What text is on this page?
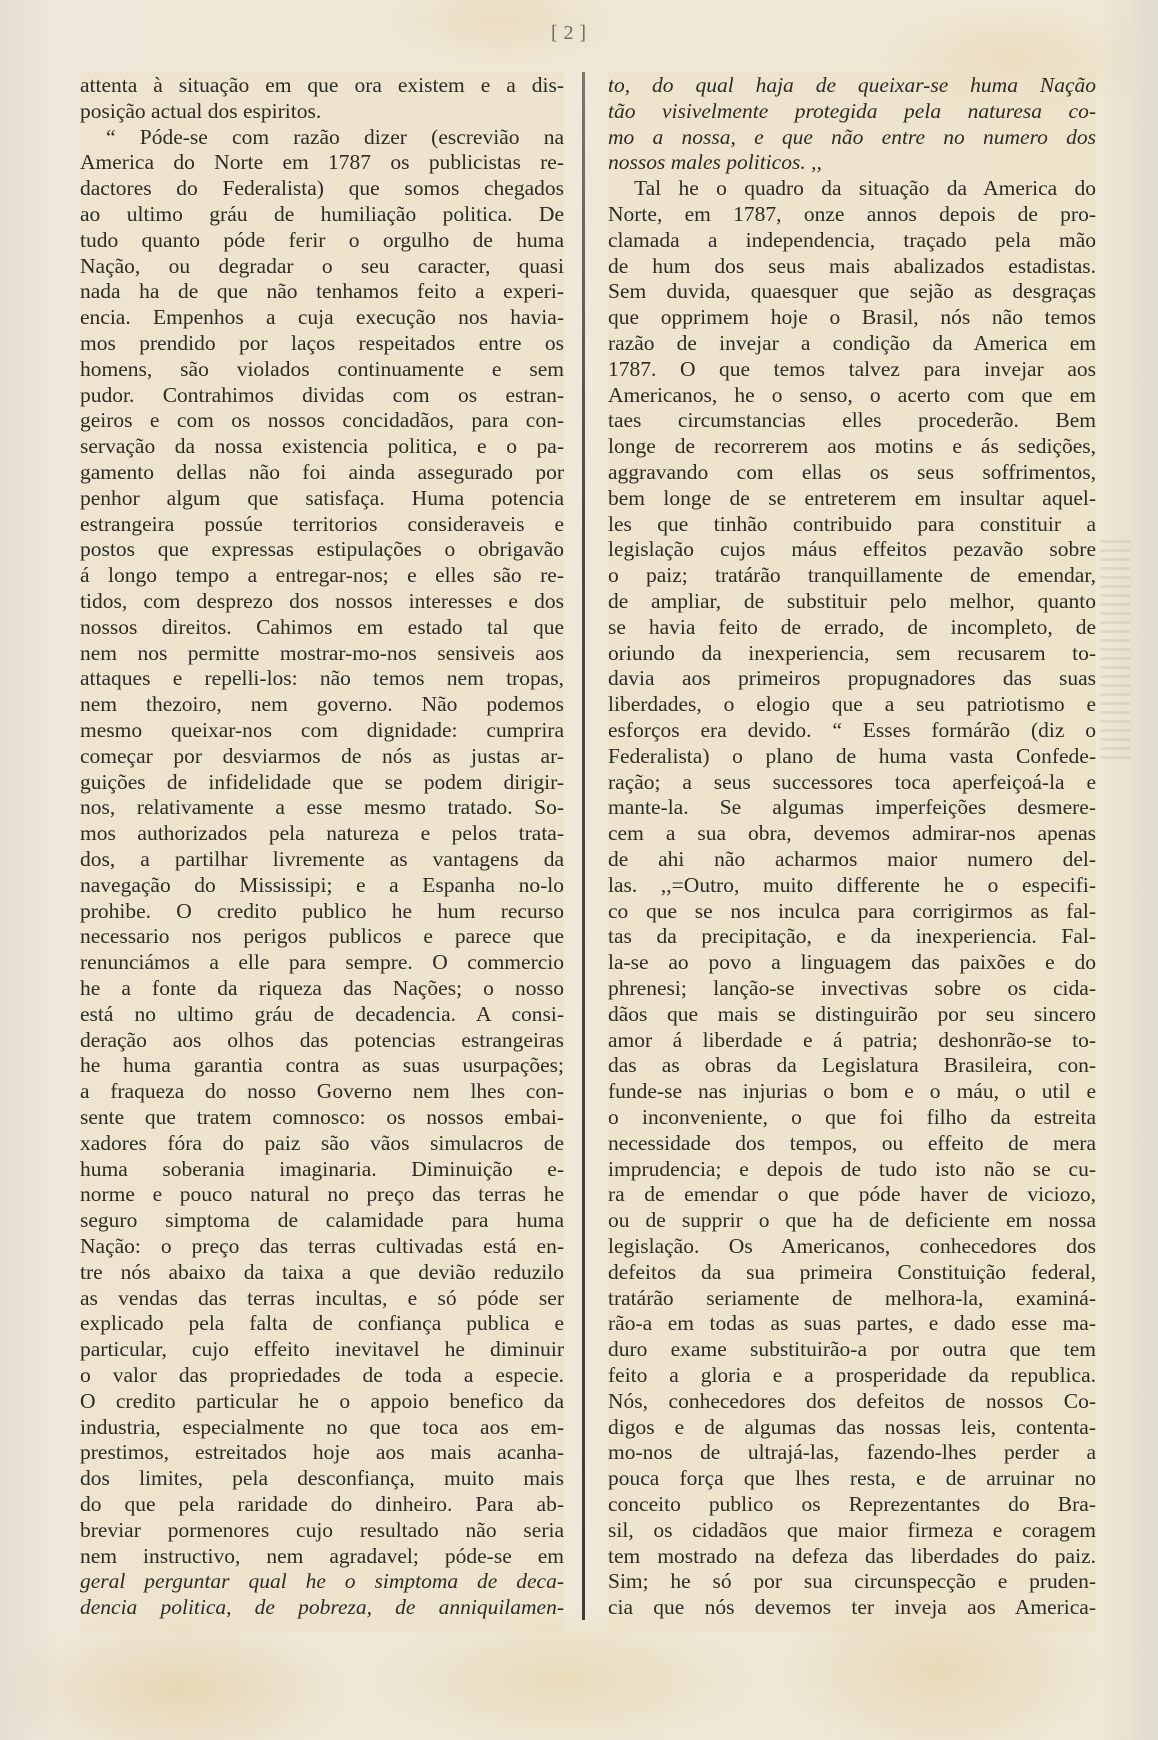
[ 2 ]
attenta à situação em que ora existem e a dis-
posição actual dos espiritos.
“ Póde-se com razão dizer (escrevião na
America do Norte em 1787 os publicistas re-
dactores do Federalista) que somos chegados
ao ultimo gráu de humiliação politica. De
tudo quanto póde ferir o orgulho de huma
Nação, ou degradar o seu caracter, quasi
nada ha de que não tenhamos feito a experi-
encia. Empenhos a cuja execução nos havia-
mos prendido por laços respeitados entre os
homens, são violados continuamente e sem
pudor. Contrahimos dividas com os estran-
geiros e com os nossos concidadãos, para con-
servação da nossa existencia politica, e o pa-
gamento dellas não foi ainda assegurado por
penhor algum que satisfaça. Huma potencia
estrangeira possúe territorios consideraveis e
postos que expressas estipulações o obrigavão
á longo tempo a entregar-nos; e elles são re-
tidos, com desprezo dos nossos interesses e dos
nossos direitos. Cahimos em estado tal que
nem nos permitte mostrar-mo-nos sensiveis aos
attaques e repelli-los: não temos nem tropas,
nem thezoiro, nem governo. Não podemos
mesmo queixar-nos com dignidade: cumprira
começar por desviarmos de nós as justas ar-
guições de infidelidade que se podem dirigir-
nos, relativamente a esse mesmo tratado. So-
mos authorizados pela natureza e pelos trata-
dos, a partilhar livremente as vantagens da
navegação do Mississipi; e a Espanha no-lo
prohibe. O credito publico he hum recurso
necessario nos perigos publicos e parece que
renunciámos a elle para sempre. O commercio
he a fonte da riqueza das Nações; o nosso
está no ultimo gráu de decadencia. A consi-
deração aos olhos das potencias estrangeiras
he huma garantia contra as suas usurpações;
a fraqueza do nosso Governo nem lhes con-
sente que tratem comnosco: os nossos embai-
xadores fóra do paiz são vãos simulacros de
huma soberania imaginaria. Diminuição e-
norme e pouco natural no preço das terras he
seguro simptoma de calamidade para huma
Nação: o preço das terras cultivadas está en-
tre nós abaixo da taixa a que devião reduzilo
as vendas das terras incultas, e só póde ser
explicado pela falta de confiança publica e
particular, cujo effeito inevitavel he diminuir
o valor das propriedades de toda a especie.
O credito particular he o appoio benefico da
industria, especialmente no que toca aos em-
prestimos, estreitados hoje aos mais acanha-
dos limites, pela desconfiança, muito mais
do que pela raridade do dinheiro. Para ab-
breviar pormenores cujo resultado não seria
nem instructivo, nem agradavel; póde-se em
geral perguntar qual he o simptoma de deca-
dencia politica, de pobreza, de anniquilamen-
to, do qual haja de queixar-se huma Nação
tão visivelmente protegida pela naturesa co-
mo a nossa, e que não entre no numero dos
nossos males politicos. ,,
Tal he o quadro da situação da America do
Norte, em 1787, onze annos depois de pro-
clamada a independencia, traçado pela mão
de hum dos seus mais abalizados estadistas.
Sem duvida, quaesquer que sejão as desgraças
que opprimem hoje o Brasil, nós não temos
razão de invejar a condição da America em
1787. O que temos talvez para invejar aos
Americanos, he o senso, o acerto com que em
taes circumstancias elles procederão. Bem
longe de recorrerem aos motins e ás sedições,
aggravando com ellas os seus soffrimentos,
bem longe de se entreterem em insultar aquel-
les que tinhão contribuido para constituir a
legislação cujos máus effeitos pezavão sobre
o paiz; tratárão tranquillamente de emendar,
de ampliar, de substituir pelo melhor, quanto
se havia feito de errado, de incompleto, de
oriundo da inexperiencia, sem recusarem to-
davia aos primeiros propugnadores das suas
liberdades, o elogio que a seu patriotismo e
esforços era devido. “ Esses formárão (diz o
Federalista) o plano de huma vasta Confede-
ração; a seus successores toca aperfeiçoá-la e
mante-la. Se algumas imperfeições desmere-
cem a sua obra, devemos admirar-nos apenas
de ahi não acharmos maior numero del-
las. ,,=Outro, muito differente he o especifi-
co que se nos inculca para corrigirmos as fal-
tas da precipitação, e da inexperiencia. Fal-
la-se ao povo a linguagem das paixões e do
phrenesi; lanção-se invectivas sobre os cida-
dãos que mais se distinguirão por seu sincero
amor á liberdade e á patria; deshonrão-se to-
das as obras da Legislatura Brasileira, con-
funde-se nas injurias o bom e o máu, o util e
o inconveniente, o que foi filho da estreita
necessidade dos tempos, ou effeito de mera
imprudencia; e depois de tudo isto não se cu-
ra de emendar o que póde haver de viciozo,
ou de supprir o que ha de deficiente em nossa
legislação. Os Americanos, conhecedores dos
defeitos da sua primeira Constituição federal,
tratárão seriamente de melhora-la, examiná-
rão-a em todas as suas partes, e dado esse ma-
duro exame substituirão-a por outra que tem
feito a gloria e a prosperidade da republica.
Nós, conhecedores dos defeitos de nossos Co-
digos e de algumas das nossas leis, contenta-
mo-nos de ultrajá-las, fazendo-lhes perder a
pouca força que lhes resta, e de arruinar no
conceito publico os Reprezentantes do Bra-
sil, os cidadãos que maior firmeza e coragem
tem mostrado na defeza das liberdades do paiz.
Sim; he só por sua circunspecção e pruden-
cia que nós devemos ter inveja aos America-
